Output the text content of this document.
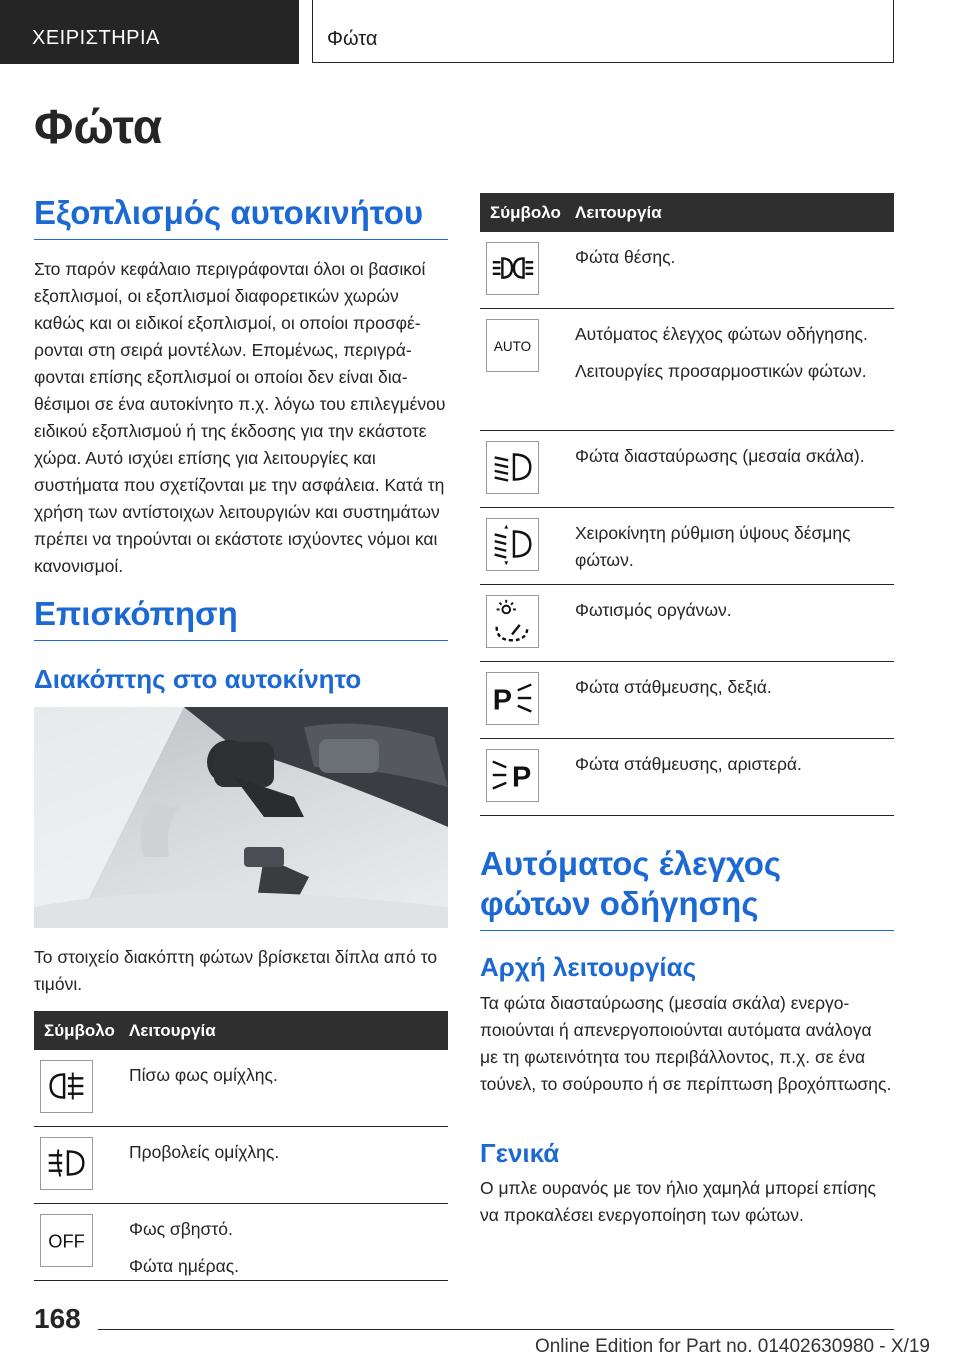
ΧΕΙΡΙΣΤΗΡΙΑ	Φώτα
Φώτα
Εξοπλισμός αυτοκινήτου

Στο παρόν κεφάλαιο περιγράφονται όλοι οι βασικοί εξοπλισμοί, οι εξοπλισμοί διαφορετικών χωρών καθώς και οι ειδικοί εξοπλισμοί, οι οποίοι προσφέρονται στη σειρά μοντέλων. Επομένως, περιγράφονται επίσης εξοπλισμοί οι οποίοι δεν είναι διαθέσιμοι σε ένα αυτοκίνητο π.χ. λόγω του επιλεγμένου ειδικού εξοπλισμού ή της έκδοσης για την εκάστοτε χώρα. Αυτό ισχύει επίσης για λειτουργίες και συστήματα που σχετίζονται με την ασφάλεια. Κατά τη χρήση των αντίστοιχων λειτουργιών και συστημάτων πρέπει να τηρούνται οι εκάστοτε ισχύοντες νόμοι και κανονισμοί.

Επισκόπηση
Διακόπτης στο αυτοκίνητο

Το στοιχείο διακόπτη φώτων βρίσκεται δίπλα από το τιμόνι.

Σύμβολο Λειτουργία

Πίσω φως ομίχλης.

Προβολείς ομίχλης.

OFF

Φως σβηστό.

Φώτα ημέρας.

Σύμβολο Λειτουργία

Φώτα θέσης.

AUTO

Αυτόματος έλεγχος φώτων οδήγησης.

Λειτουργίες προσαρμοστικών φώτων.

Φώτα διασταύρωσης (μεσαία σκάλα).

Χειροκίνητη ρύθμιση ύψους δέσμης φώτων.

Φωτισμός οργάνων.

P	Φώτα στάθμευσης, δεξιά.

P Φώτα στάθμευσης, αριστερά.

Αυτόματος έλεγχος φώτων οδήγησης
Αρχή λειτουργίας

Τα φώτα διασταύρωσης (μεσαία σκάλα) ενεργοποιούνται ή απενεργοποιούνται αυτόματα ανάλογα με τη φωτεινότητα του περιβάλλοντος, π.χ. σε ένα τούνελ, το σούρουπο ή σε περίπτωση βροχόπτωσης.

Γενικά

Ο μπλε ουρανός με τον ήλιο χαμηλά μπορεί επίσης να προκαλέσει ενεργοποίηση των φώτων.

168
Online Edition for Part no. 01402630980 - X/19
